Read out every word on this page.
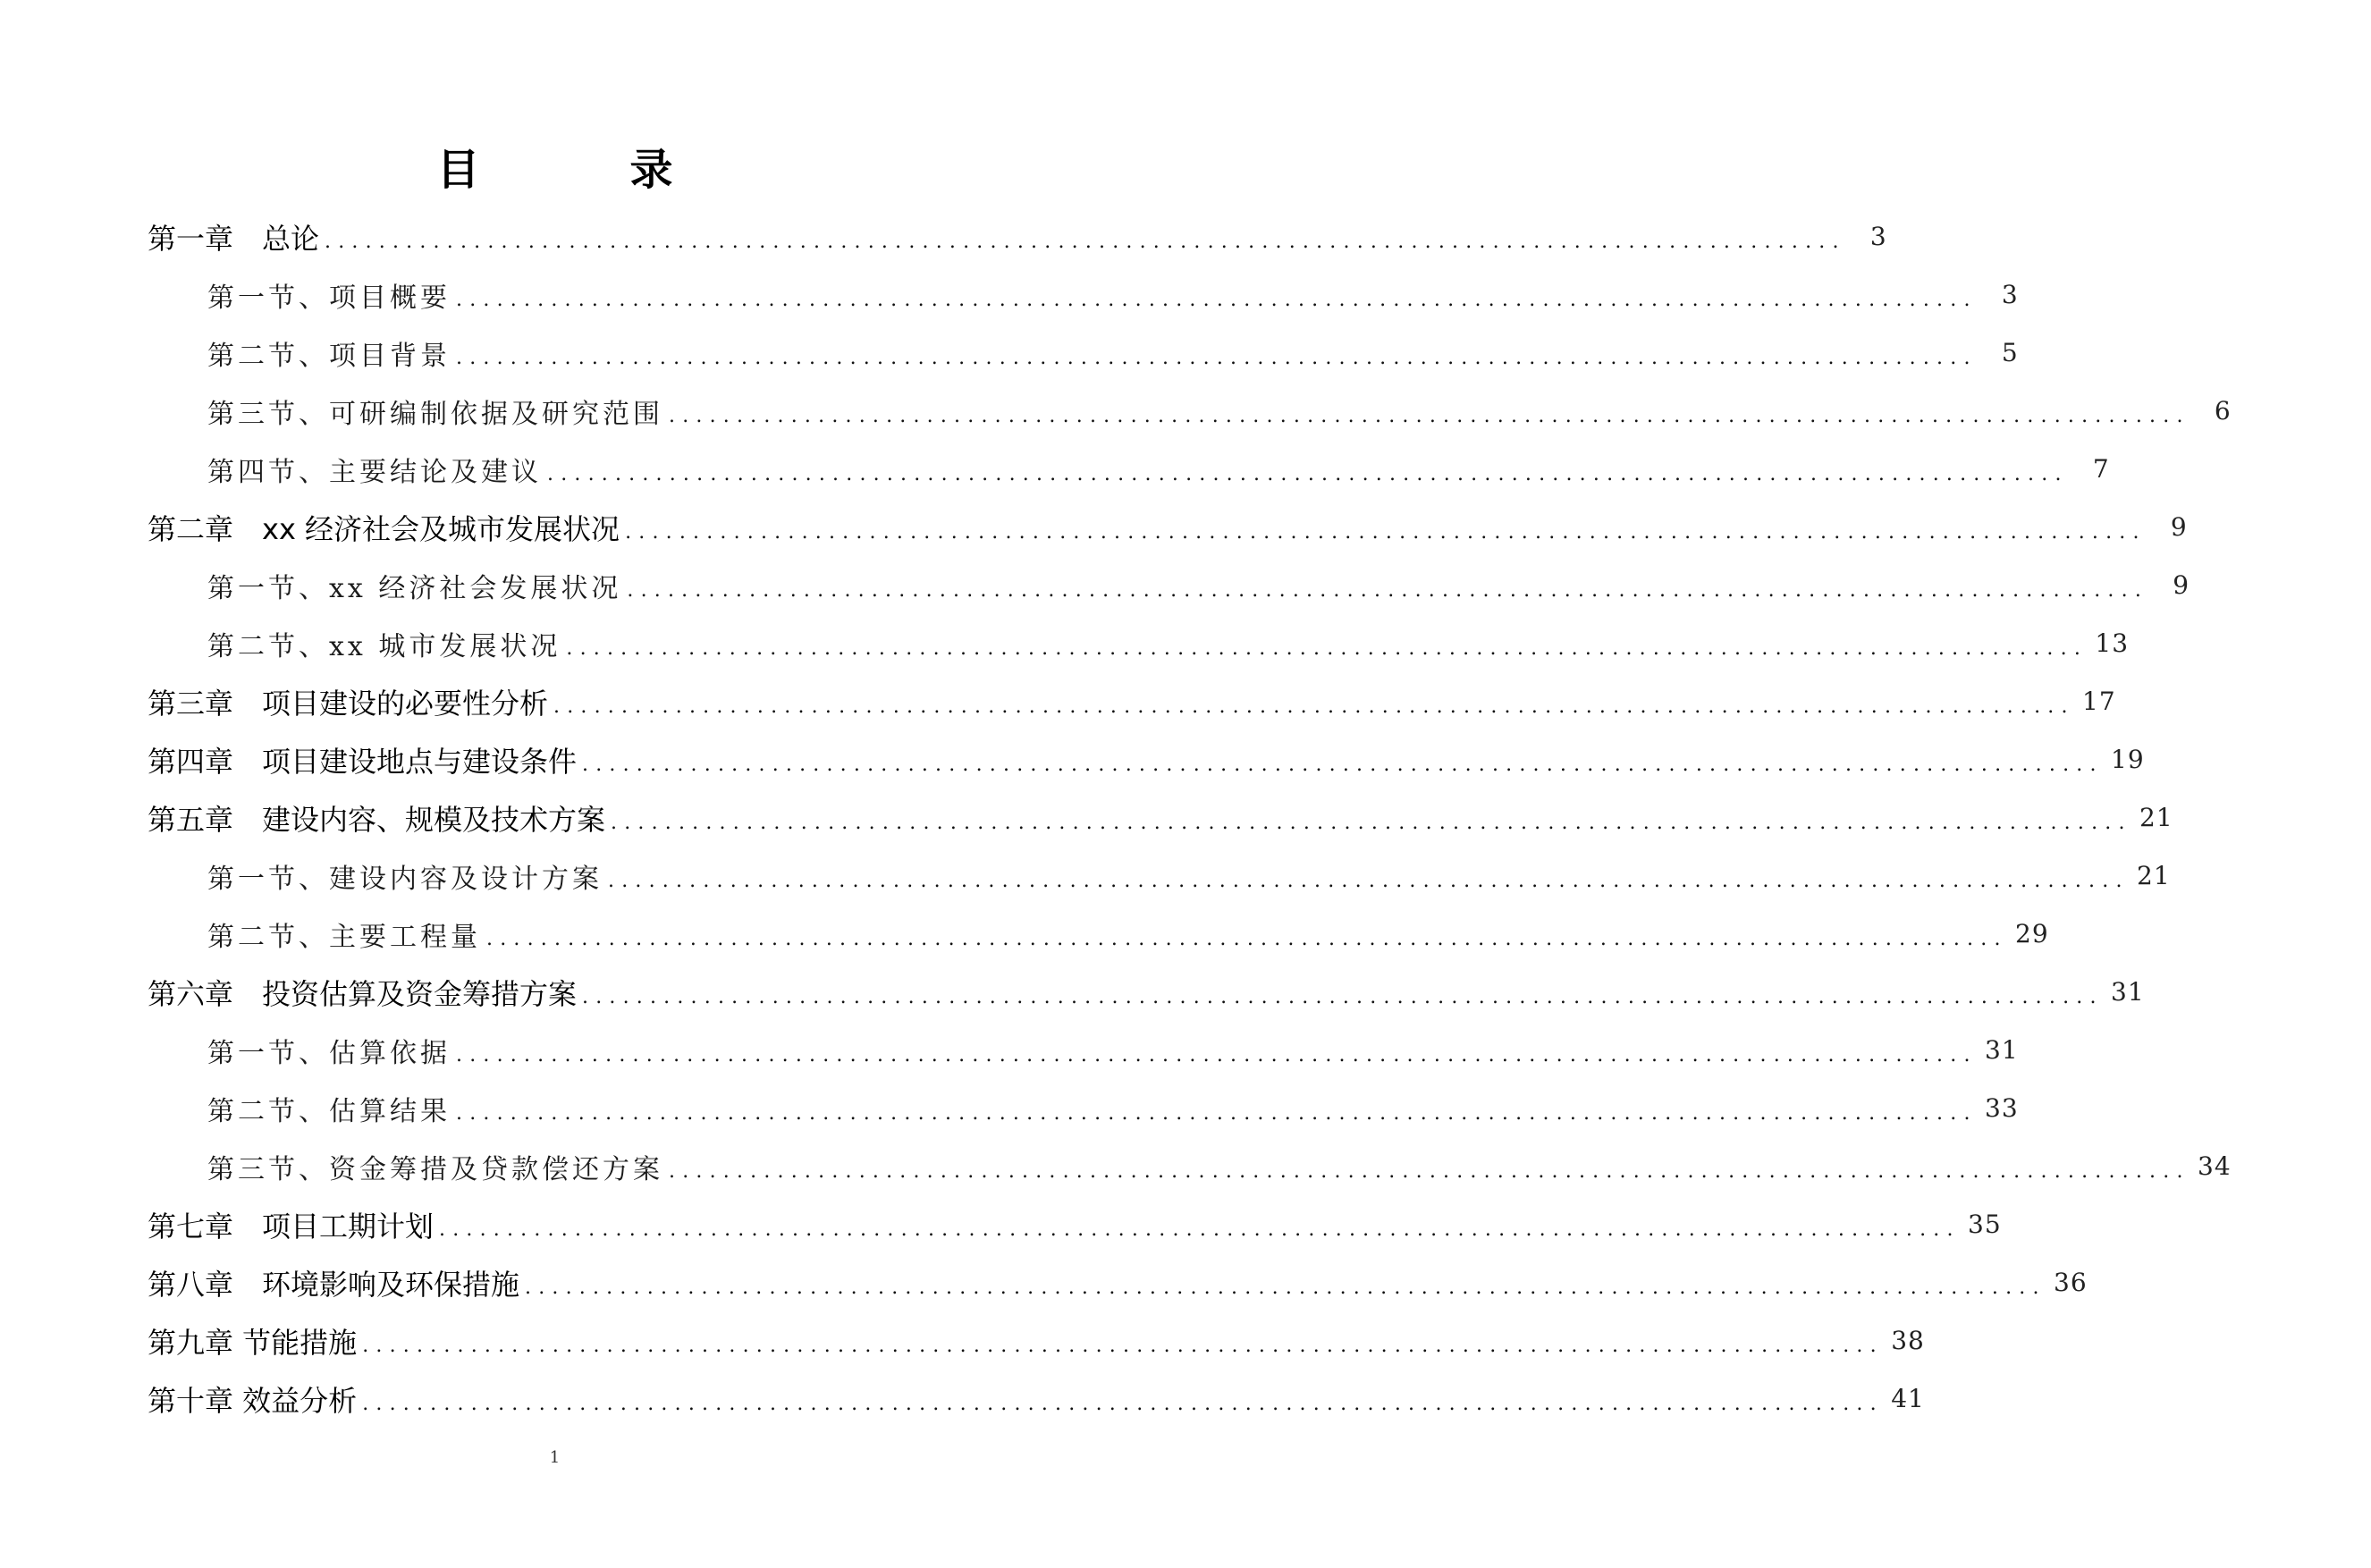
目　录
第一章　总论 ................................................................................................................ 3
第一节、项目概要 ................................................................................................................ 3
第二节、项目背景 ................................................................................................................ 5
第三节、可研编制依据及研究范围 ................................................................................................................ 6
第四节、主要结论及建议 ................................................................................................................ 7
第二章　xx 经济社会及城市发展状况 ................................................................................................................ 9
第一节、xx 经济社会发展状况 ................................................................................................................ 9
第二节、xx 城市发展状况 ................................................................................................................ 13
第三章　项目建设的必要性分析 ................................................................................................................ 17
第四章　项目建设地点与建设条件 ................................................................................................................ 19
第五章　建设内容、规模及技术方案 ................................................................................................................ 21
第一节、建设内容及设计方案 ................................................................................................................ 21
第二节、主要工程量 ................................................................................................................ 29
第六章　投资估算及资金筹措方案 ................................................................................................................ 31
第一节、估算依据 ................................................................................................................ 31
第二节、估算结果 ................................................................................................................ 33
第三节、资金筹措及贷款偿还方案 ................................................................................................................ 34
第七章　项目工期计划 ................................................................................................................ 35
第八章　环境影响及环保措施 ................................................................................................................ 36
第九章 节能措施 ................................................................................................................ 38
第十章 效益分析 ................................................................................................................ 41
1
